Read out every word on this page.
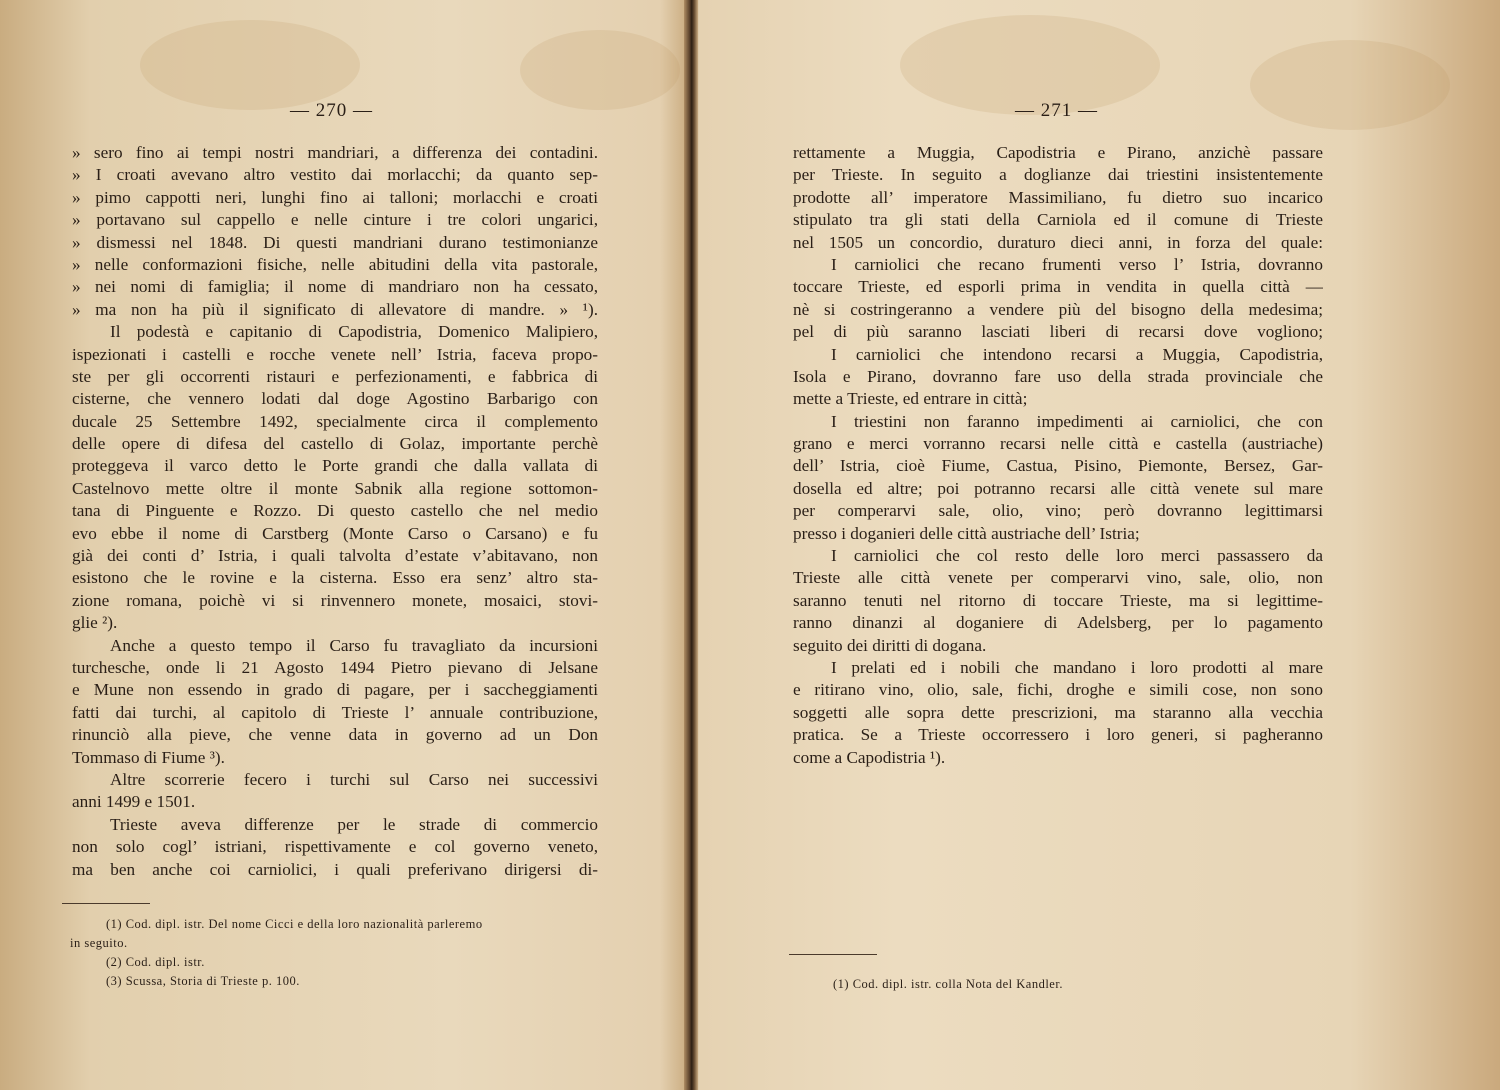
— 270 —
» sero fino ai tempi nostri mandriari, a differenza dei contadini.
» I croati avevano altro vestito dai morlacchi; da quanto sep-
» pimo cappotti neri, lunghi fino ai talloni; morlacchi e croati
» portavano sul cappello e nelle cinture i tre colori ungarici,
» dismessi nel 1848. Di questi mandriani durano testimonianze
» nelle conformazioni fisiche, nelle abitudini della vita pastorale,
» nei nomi di famiglia; il nome di mandriaro non ha cessato,
» ma non ha più il significato di allevatore di mandre. » ¹).
Il podestà e capitanio di Capodistria, Domenico Malipiero,
ispezionati i castelli e rocche venete nell’ Istria, faceva propo-
ste per gli occorrenti ristauri e perfezionamenti, e fabbrica di
cisterne, che vennero lodati dal doge Agostino Barbarigo con
ducale 25 Settembre 1492, specialmente circa il complemento
delle opere di difesa del castello di Golaz, importante perchè
proteggeva il varco detto le Porte grandi che dalla vallata di
Castelnovo mette oltre il monte Sabnik alla regione sottomon-
tana di Pinguente e Rozzo. Di questo castello che nel medio
evo ebbe il nome di Carstberg (Monte Carso o Carsano) e fu
già dei conti d’ Istria, i quali talvolta d’estate v’abitavano, non
esistono che le rovine e la cisterna. Esso era senz’ altro sta-
zione romana, poichè vi si rinvennero monete, mosaici, stovi-
glie ²).
Anche a questo tempo il Carso fu travagliato da incursioni
turchesche, onde li 21 Agosto 1494 Pietro pievano di Jelsane
e Mune non essendo in grado di pagare, per i saccheggiamenti
fatti dai turchi, al capitolo di Trieste l’ annuale contribuzione,
rinunciò alla pieve, che venne data in governo ad un Don
Tommaso di Fiume ³).
Altre scorrerie fecero i turchi sul Carso nei successivi
anni 1499 e 1501.
Trieste aveva differenze per le strade di commercio
non solo cogl’ istriani, rispettivamente e col governo veneto,
ma ben anche coi carniolici, i quali preferivano dirigersi di-
(1) Cod. dipl. istr. Del nome Cicci e della loro nazionalità parleremo
in seguito.
(2) Cod. dipl. istr.
(3) Scussa, Storia di Trieste p. 100.
— 271 —
rettamente a Muggia, Capodistria e Pirano, anzichè passare
per Trieste. In seguito a doglianze dai triestini insistentemente
prodotte all’ imperatore Massimiliano, fu dietro suo incarico
stipulato tra gli stati della Carniola ed il comune di Trieste
nel 1505 un concordio, duraturo dieci anni, in forza del quale:
I carniolici che recano frumenti verso l’ Istria, dovranno
toccare Trieste, ed esporli prima in vendita in quella città —
nè si costringeranno a vendere più del bisogno della medesima;
pel di più saranno lasciati liberi di recarsi dove vogliono;
I carniolici che intendono recarsi a Muggia, Capodistria,
Isola e Pirano, dovranno fare uso della strada provinciale che
mette a Trieste, ed entrare in città;
I triestini non faranno impedimenti ai carniolici, che con
grano e merci vorranno recarsi nelle città e castella (austriache)
dell’ Istria, cioè Fiume, Castua, Pisino, Piemonte, Bersez, Gar-
dosella ed altre; poi potranno recarsi alle città venete sul mare
per comperarvi sale, olio, vino; però dovranno legittimarsi
presso i doganieri delle città austriache dell’ Istria;
I carniolici che col resto delle loro merci passassero da
Trieste alle città venete per comperarvi vino, sale, olio, non
saranno tenuti nel ritorno di toccare Trieste, ma si legittime-
ranno dinanzi al doganiere di Adelsberg, per lo pagamento
seguito dei diritti di dogana.
I prelati ed i nobili che mandano i loro prodotti al mare
e ritirano vino, olio, sale, fichi, droghe e simili cose, non sono
soggetti alle sopra dette prescrizioni, ma staranno alla vecchia
pratica. Se a Trieste occorressero i loro generi, si pagheranno
come a Capodistria ¹).
(1) Cod. dipl. istr. colla Nota del Kandler.
